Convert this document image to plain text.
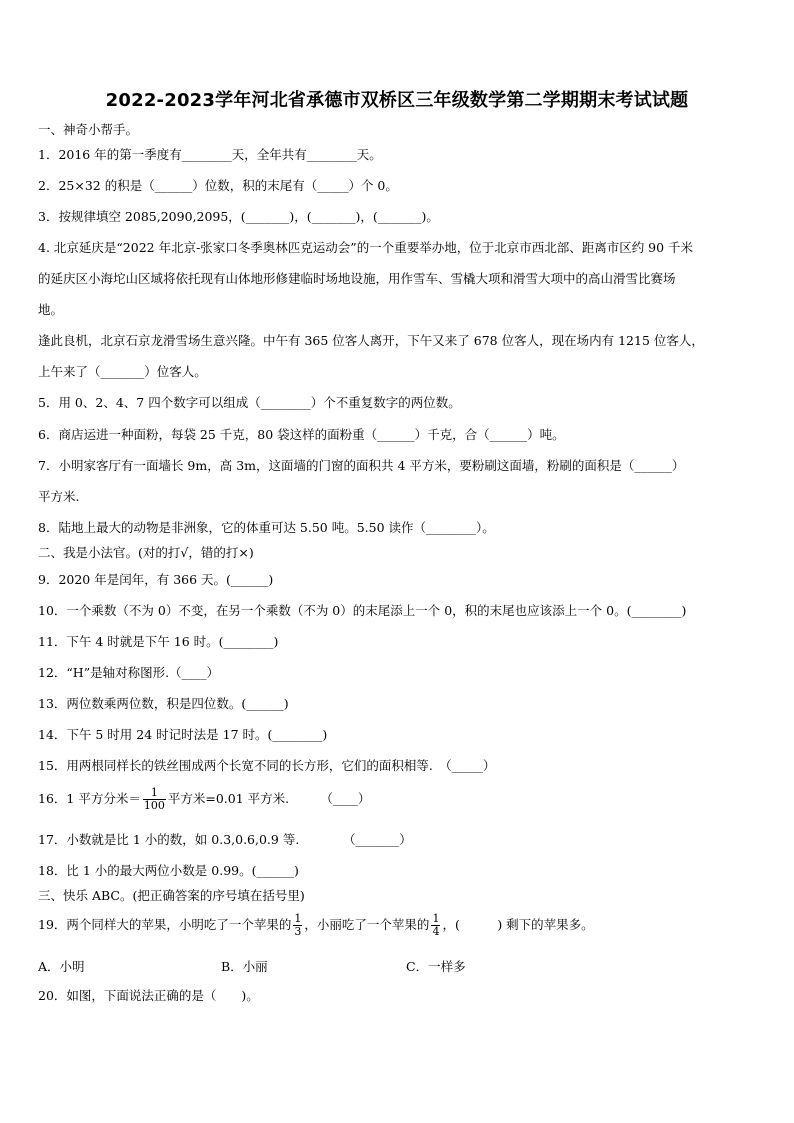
2022-2023学年河北省承德市双桥区三年级数学第二学期期末考试试题
一、神奇小帮手。
1．2016 年的第一季度有________天，全年共有________天。
2．25×32 的积是（______）位数，积的末尾有（_____）个 0。
3．按规律填空 2085,2090,2095，(_______)，(_______)，(_______)。
4. 北京延庆是“2022 年北京-张家口冬季奥林匹克运动会”的一个重要举办地，位于北京市西北部、距离市区约 90 千米
的延庆区小海坨山区域将依托现有山体地形修建临时场地设施，用作雪车、雪橇大项和滑雪大项中的高山滑雪比赛场
地。
逢此良机，北京石京龙滑雪场生意兴隆。中午有 365 位客人离开，下午又来了 678 位客人，现在场内有 1215 位客人，
上午来了（_______）位客人。
5．用 0、2、4、7 四个数字可以组成（________）个不重复数字的两位数。
6．商店运进一种面粉，每袋 25 千克，80 袋这样的面粉重（______）千克，合（______）吨。
7．小明家客厅有一面墙长 9m，高 3m，这面墙的门窗的面积共 4 平方米，要粉刷这面墙，粉刷的面积是（______）
平方米.
8．陆地上最大的动物是非洲象，它的体重可达 5.50 吨。5.50 读作（________）。
二、我是小法官。(对的打√，错的打×)
9．2020 年是闰年，有 366 天。(______)
10．一个乘数（不为 0）不变，在另一个乘数（不为 0）的末尾添上一个 0，积的末尾也应该添上一个 0。(________)
11．下午 4 时就是下午 16 时。(________)
12．“H”是轴对称图形.（____）
13．两位数乘两位数，积是四位数。(______)
14．下午 5 时用 24 时记时法是 17 时。(________)
15．用两根同样长的铁丝围成两个长宽不同的长方形，它们的面积相等.　（_____）
16．1 平方分米＝ $\frac{1}{100}$ 平方米=0.01 平方米.　　　（____）
17．小数就是比 1 小的数，如 0.3,0.6,0.9 等.　　　　（_______）
18．比 1 小的最大两位小数是 0.99。(______)
三、快乐 ABC。(把正确答案的序号填在括号里)
19．两个同样大的苹果，小明吃了一个苹果的 $\frac{1}{3}$ ，小丽吃了一个苹果的 $\frac{1}{4}$ ，(　　　) 剩下的苹果多。
A．小明	B．小丽	C．一样多
20．如图，下面说法正确的是（　　)。
